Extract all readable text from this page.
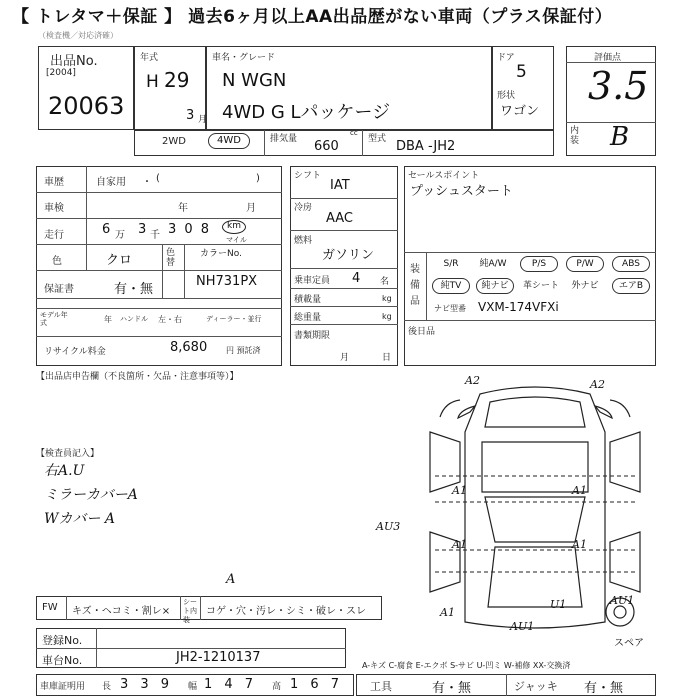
【 トレタマ＋保証 】 過去6ヶ月以上AA出品歴がない車両（プラス保証付）
（検査機／対応済確）
出品No.
[2004]
20063
年式
H 29
3 月
車名・グレード
N WGN
4WD G Lパッケージ
ドア
5
形状
ワゴン
評価点
3.5
内装 B
2WD	4WD	排気量
cc
660	型式 DBA -JH2
車歴	自家用 ・ (	)
車検	年	月
走行	6 万 3 千 3 0 8	km
マイル
色	クロ	色替
カラーNo.
NH731PX
保証書	有・無
モデル年式	年 ハンドル 左・右	ディーラー・並行
リサイクル料金	8,680 円 預託済
シフト
IAT
冷房
AAC
燃料
ガソリン
乗車定員 4 名
積載量	kg
総重量	kg
書類期限
月	日
セールスポイント
プッシュスタート
装備品
S/R	純A/W	P/S	P/W	ABS
純TV	純ナビ	革シート	外ナビ	エアB
ナビ型番 VXM-174VFXi
後日品
【出品店申告欄（不良箇所・欠品・注意事項等）】
【検査員記入】
右A.U
ミラーカバーA
Wカバー A
A2	A2
A1	A1
A1	A1
AU1
AU1
U1
A1
スペア
AU3
FW キズ・ヘコミ・割レ×
シート内装
コゲ・穴・汚レ・シミ・破レ・スレ
A
登録No.
車台No.	JH2-1210137
車庫証明用 長 3 3 9 幅 1 4 7 高 1 6 7
A-キズ C-腐食 E-エクボ S-サビ U-凹ミ W-補修 XX-交換済
工具	有・無	ジャッキ 有・無
